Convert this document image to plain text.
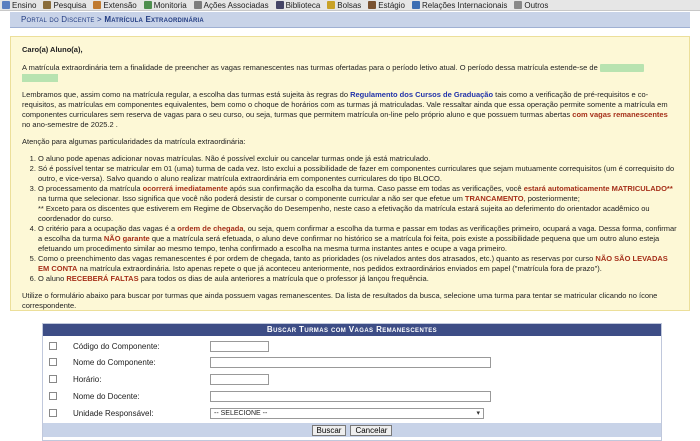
Ensino Pesquisa Extensão Monitoria Ações Associadas Biblioteca Bolsas Estágio Relações Internacionais Outros
Portal do Discente > Matrícula Extraordinária

Caro(a) Aluno(a),

A matrícula extraordinária tem a finalidade de preencher as vagas remanescentes nas turmas ofertadas para o período letivo atual. O período dessa matrícula estende-se de

Lembramos que, assim como na matrícula regular, a escolha das turmas está sujeita às regras do Regulamento dos Cursos de Graduação tais como a verificação de pré-requisitos e co-requisitos, as matrículas em componentes equivalentes, bem como o choque de horários com as turmas já matriculadas. Vale ressaltar ainda que essa operação permite somente a matrícula em componentes curriculares sem reserva de vagas para o seu curso, ou seja, turmas que permitem matrícula on-line pelo próprio aluno e que possuem turmas abertas com vagas remanescentes no ano-semestre de 2025.2 .

Atenção para algumas particularidades da matrícula extraordinária:

1. O aluno pode apenas adicionar novas matrículas. Não é possível excluir ou cancelar turmas onde já está matriculado.
2. Só é possível tentar se matricular em 01 (uma) turma de cada vez. Isto exclui a possibilidade de fazer em componentes curriculares que sejam mutuamente correquisitos (um é correquisito do outro, e vice-versa). Salvo quando o aluno realizar matrícula extraordinária em componentes curriculares do tipo BLOCO.
3. O processamento da matrícula ocorrerá imediatamente após sua confirmação da escolha da turma. Caso passe em todas as verificações, você estará automaticamente MATRICULADO** na turma que selecionar. Isso significa que você não poderá desistir de cursar o componente curricular a não ser que efetue um TRANCAMENTO, posteriormente;
** Exceto para os discentes que estiverem em Regime de Observação do Desempenho, neste caso a efetivação da matrícula estará sujeita ao deferimento do orientador acadêmico ou coordenador do curso.
4. O critério para a ocupação das vagas é a ordem de chegada, ou seja, quem confirmar a escolha da turma e passar em todas as verificações primeiro, ocupará a vaga. Dessa forma, confirmar a escolha da turma NÃO garante que a matrícula será efetuada, o aluno deve confirmar no histórico se a matrícula foi feita, pois existe a possibilidade pequena que um outro aluno esteja efetuando um procedimento similar ao mesmo tempo, tenha confirmado a escolha na mesma turma instantes antes e ocupe a vaga primeiro.
5. Como o preenchimento das vagas remanescentes é por ordem de chegada, tanto as prioridades (os nivelados antes dos atrasados, etc.) quanto as reservas por curso NÃO SÃO LEVADAS EM CONTA na matrícula extraordinária. Isto apenas repete o que já aconteceu anteriormente, nos pedidos extraordinários enviados em papel ("matrícula fora de prazo").
6. O aluno RECEBERÁ FALTAS para todos os dias de aula anteriores a matrícula que o professor já lançou frequência.

Utilize o formulário abaixo para buscar por turmas que ainda possuem vagas remanescentes. Da lista de resultados da busca, selecione uma turma para tentar se matricular clicando no ícone correspondente.

Buscar Turmas com Vagas Remanescentes
Código do Componente:
Nome do Componente:
Horário:
Nome do Docente:
Unidade Responsável:	-- SELECIONE --	▾
Buscar	Cancelar
